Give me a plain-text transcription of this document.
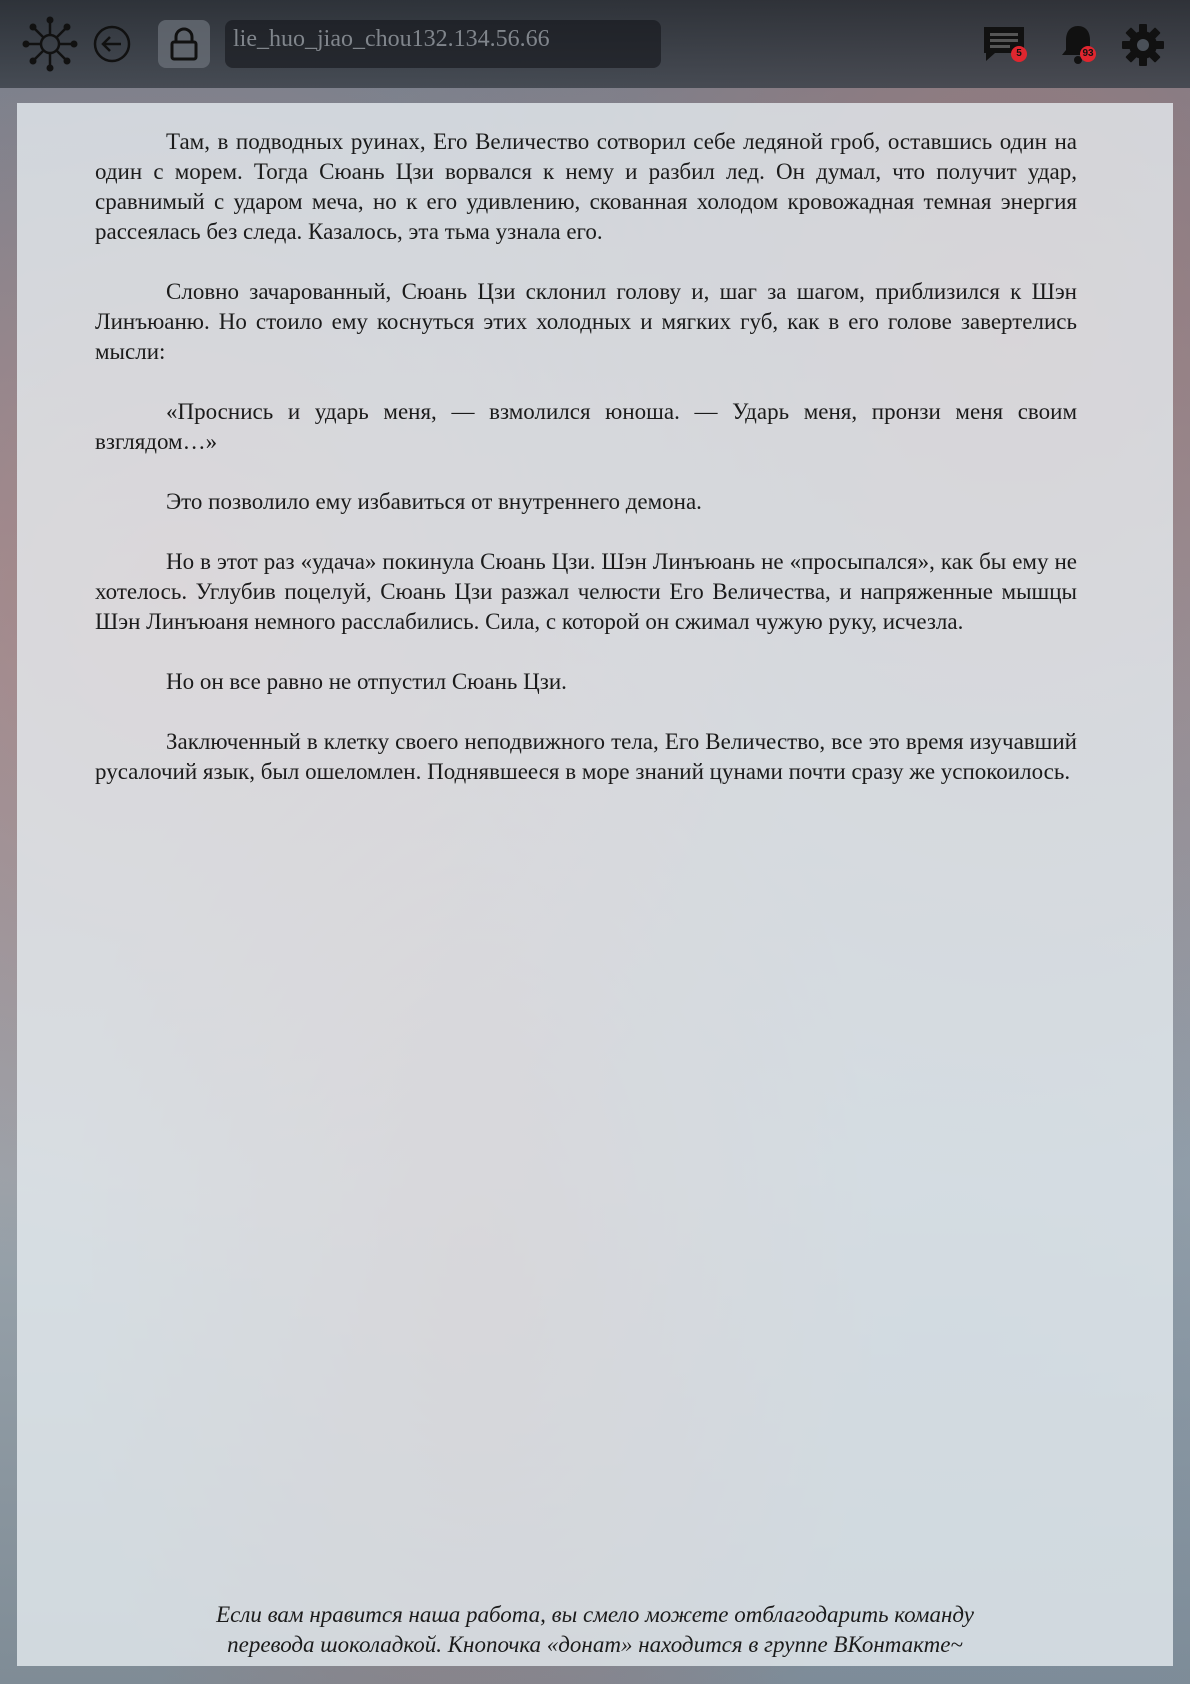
lie_huo_jiao_chou132.134.56.66
5	93

Там, в подводных руинах, Его Величество сотворил себе ледяной гроб, оставшись один на один с морем. Тогда Сюань Цзи ворвался к нему и разбил лед. Он думал, что получит удар, сравнимый с ударом меча, но к его удивлению, скованная холодом кровожадная темная энергия рассеялась без следа. Казалось, эта тьма узнала его.

Словно зачарованный, Сюань Цзи склонил голову и, шаг за шагом, приблизился к Шэн Линъюаню. Но стоило ему коснуться этих холодных и мягких губ, как в его голове завертелись мысли:

«Проснись и ударь меня, — взмолился юноша. — Ударь меня, пронзи меня своим взглядом…»

Это позволило ему избавиться от внутреннего демона.

Но в этот раз «удача» покинула Сюань Цзи. Шэн Линъюань не «просыпался», как бы ему не хотелось. Углубив поцелуй, Сюань Цзи разжал челюсти Его Величества, и напряженные мышцы Шэн Линъюаня немного расслабились. Сила, с которой он сжимал чужую руку, исчезла.

Но он все равно не отпустил Сюань Цзи.

Заключенный в клетку своего неподвижного тела, Его Величество, все это время изучавший русалочий язык, был ошеломлен. Поднявшееся в море знаний цунами почти сразу же успокоилось.

Если вам нравится наша работа, вы смело можете отблагодарить команду
перевода шоколадкой. Кнопочка «донат» находится в группе ВКонтакте~
